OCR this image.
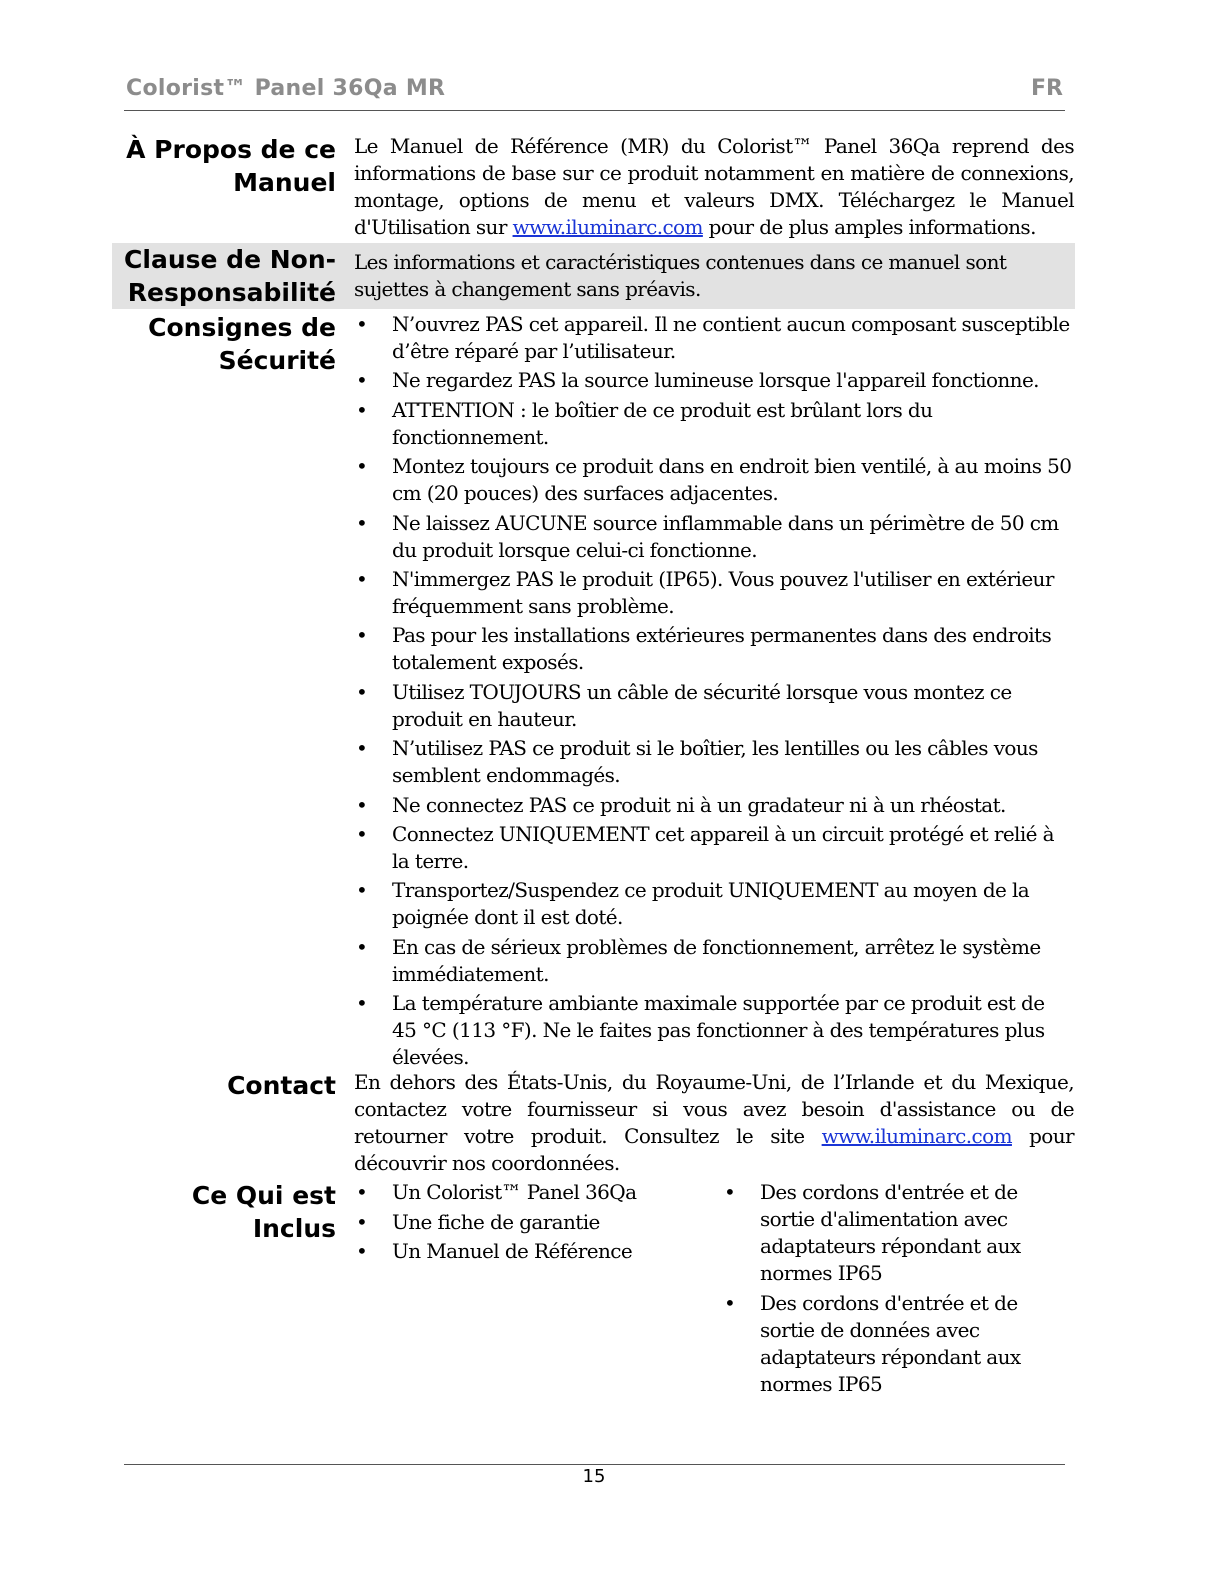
Colorist™ Panel 36Qa MR	FR
À Propos de ce
Manuel
Le Manuel de Référence (MR) du Colorist™ Panel 36Qa reprend des informations de base sur ce produit notamment en matière de connexions, montage, options de menu et valeurs DMX. Téléchargez le Manuel d'Utilisation sur www.iluminarc.com pour de plus amples informations.
Clause de Non-
Responsabilité
Les informations et caractéristiques contenues dans ce manuel sont sujettes à changement sans préavis.
Consignes de
Sécurité
• N’ouvrez PAS cet appareil. Il ne contient aucun composant susceptible d’être réparé par l’utilisateur.
• Ne regardez PAS la source lumineuse lorsque l'appareil fonctionne.
• ATTENTION : le boîtier de ce produit est brûlant lors du fonctionnement.
• Montez toujours ce produit dans en endroit bien ventilé, à au moins 50 cm (20 pouces) des surfaces adjacentes.
• Ne laissez AUCUNE source inflammable dans un périmètre de 50 cm du produit lorsque celui-ci fonctionne.
• N'immergez PAS le produit (IP65). Vous pouvez l'utiliser en extérieur fréquemment sans problème.
• Pas pour les installations extérieures permanentes dans des endroits totalement exposés.
• Utilisez TOUJOURS un câble de sécurité lorsque vous montez ce produit en hauteur.
• N’utilisez PAS ce produit si le boîtier, les lentilles ou les câbles vous semblent endommagés.
• Ne connectez PAS ce produit ni à un gradateur ni à un rhéostat.
• Connectez UNIQUEMENT cet appareil à un circuit protégé et relié à la terre.
• Transportez/Suspendez ce produit UNIQUEMENT au moyen de la poignée dont il est doté.
• En cas de sérieux problèmes de fonctionnement, arrêtez le système immédiatement.
• La température ambiante maximale supportée par ce produit est de 45 °C (113 °F). Ne le faites pas fonctionner à des températures plus élevées.
Contact En dehors des États-Unis, du Royaume-Uni, de l’Irlande et du Mexique, contactez votre fournisseur si vous avez besoin d'assistance ou de retourner votre produit. Consultez le site www.iluminarc.com pour découvrir nos coordonnées.
Ce Qui est
Inclus
• Un Colorist™ Panel 36Qa
• Une fiche de garantie
• Un Manuel de Référence
• Des cordons d'entrée et de sortie d'alimentation avec adaptateurs répondant aux normes IP65
• Des cordons d'entrée et de sortie de données avec adaptateurs répondant aux normes IP65
15
